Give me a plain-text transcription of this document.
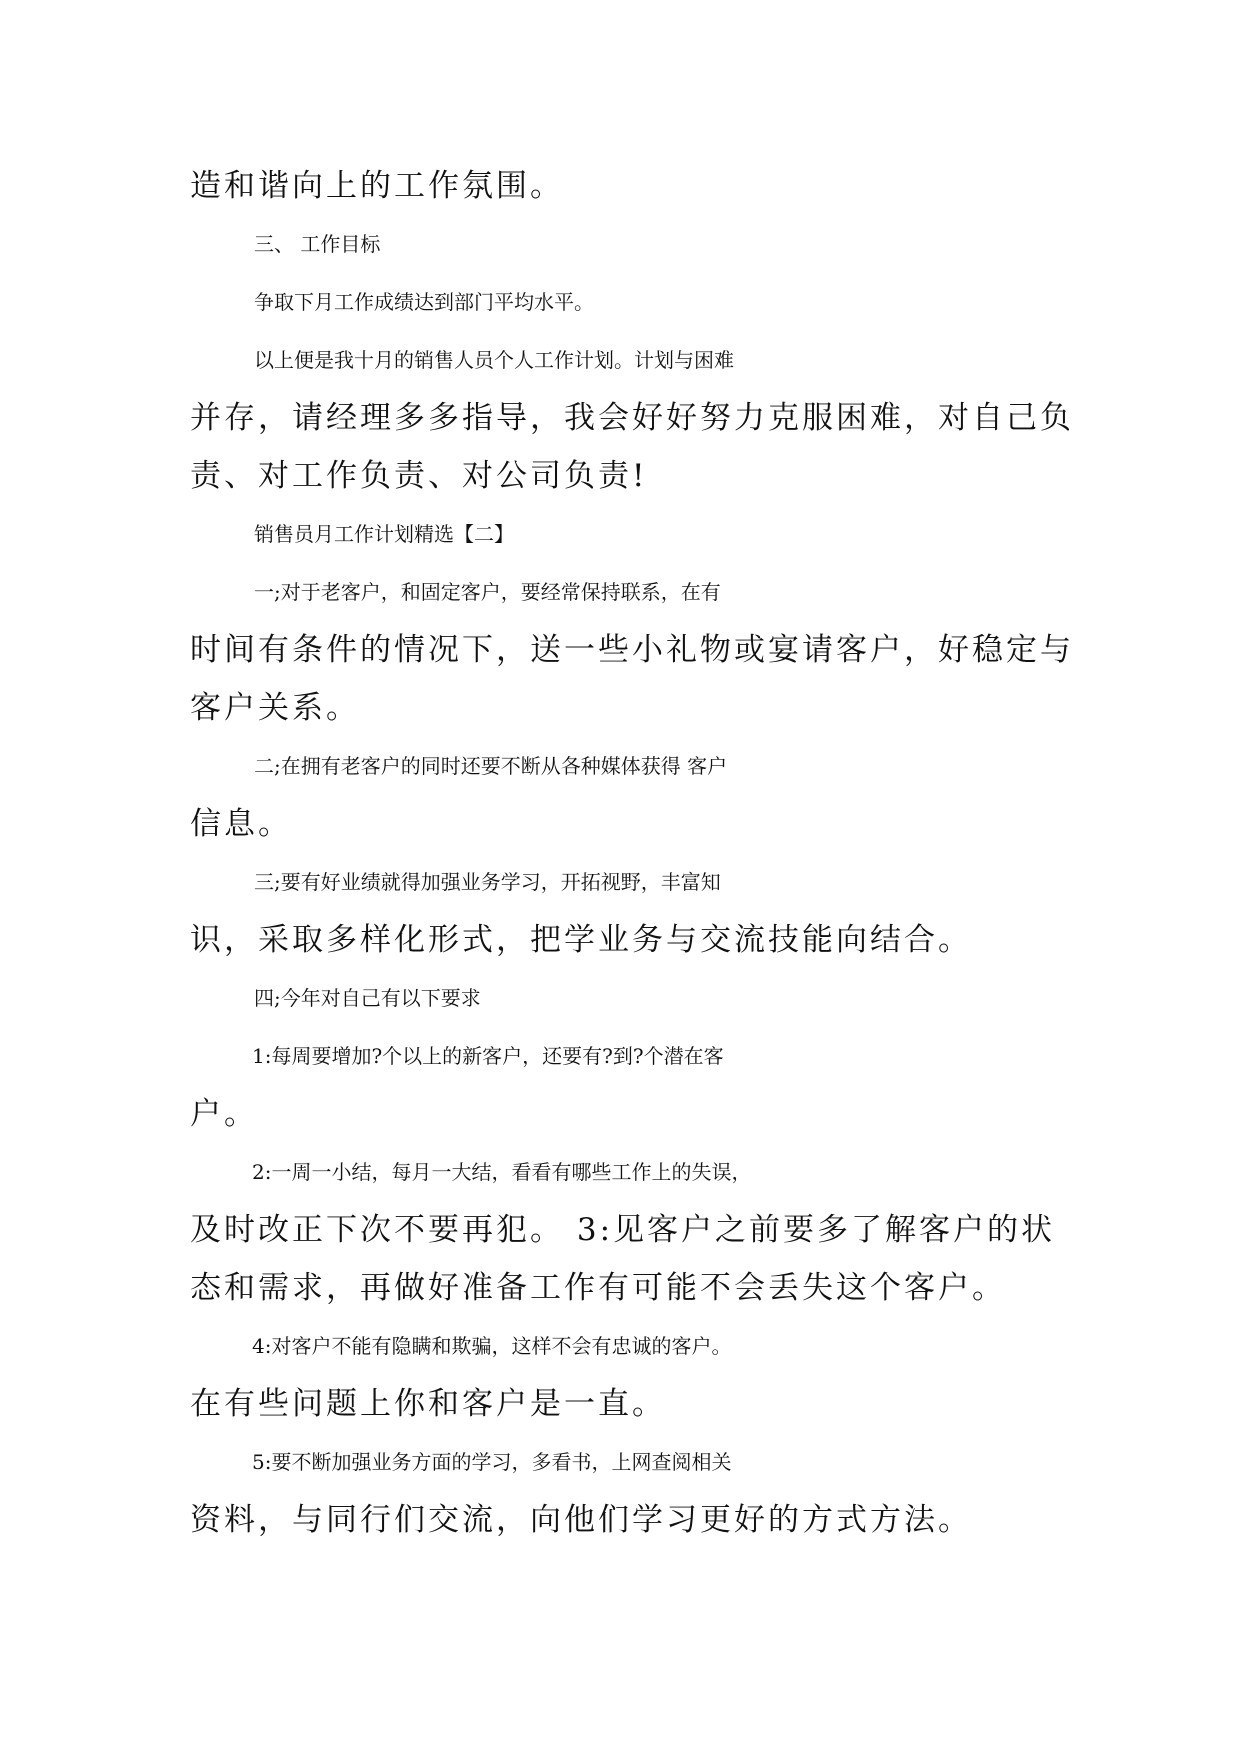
造和谐向上的工作氛围。
三、 工作目标
争取下月工作成绩达到部门平均水平。
以上便是我十月的销售人员个人工作计划。计划与困难
并存，请经理多多指导，我会好好努力克服困难，对自己负
责、对工作负责、对公司负责!
销售员月工作计划精选【二】
一;对于老客户，和固定客户，要经常保持联系，在有
时间有条件的情况下，送一些小礼物或宴请客户，好稳定与
客户关系。
二;在拥有老客户的同时还要不断从各种媒体获得 客户
信息。
三;要有好业绩就得加强业务学习，开拓视野，丰富知
识，采取多样化形式，把学业务与交流技能向结合。
四;今年对自己有以下要求
1:每周要增加?个以上的新客户，还要有?到?个潜在客
户。
2:一周一小结，每月一大结，看看有哪些工作上的失误，
及时改正下次不要再犯。 3:见客户之前要多了解客户的状
态和需求，再做好准备工作有可能不会丢失这个客户。
4:对客户不能有隐瞒和欺骗，这样不会有忠诚的客户。
在有些问题上你和客户是一直。
5:要不断加强业务方面的学习，多看书，上网查阅相关
资料，与同行们交流，向他们学习更好的方式方法。
